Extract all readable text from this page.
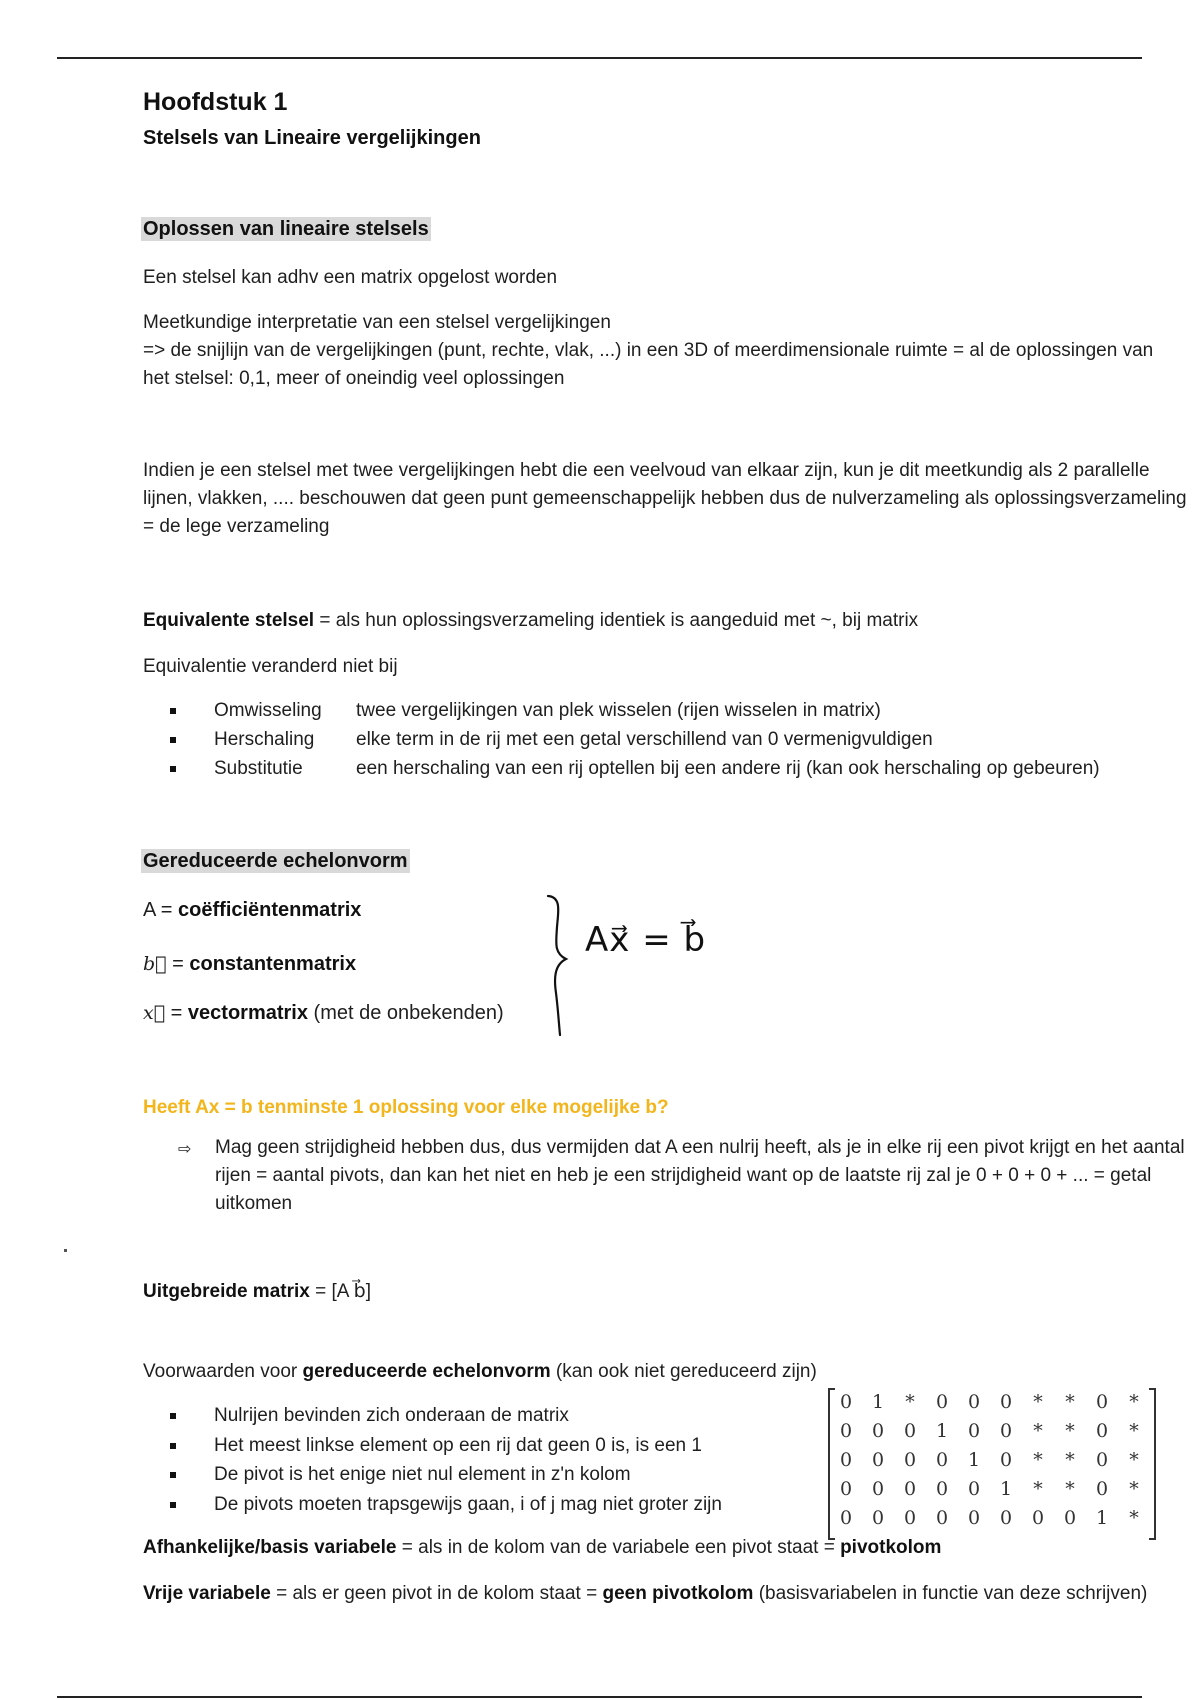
Hoofdstuk 1
Stelsels van Lineaire vergelijkingen
Oplossen van lineaire stelsels
Een stelsel kan adhv een matrix opgelost worden
Meetkundige interpretatie van een stelsel vergelijkingen
=> de snijlijn van de vergelijkingen (punt, rechte, vlak, ...) in een 3D of meerdimensionale ruimte = al de oplossingen van het stelsel: 0,1, meer of oneindig veel oplossingen
Indien je een stelsel met twee vergelijkingen hebt die een veelvoud van elkaar zijn, kun je dit meetkundig als 2 parallelle lijnen, vlakken, .... beschouwen dat geen punt gemeenschappelijk hebben dus de nulverzameling als oplossingsverzameling = de lege verzameling
Equivalente stelsel = als hun oplossingsverzameling identiek is aangeduid met ~, bij matrix
Equivalentie veranderd niet bij
Omwisseling twee vergelijkingen van plek wisselen (rijen wisselen in matrix)
Herschaling elke term in de rij met een getal verschillend van 0 vermenigvuldigen
Substitutie	een herschaling van een rij optellen bij een andere rij (kan ook herschaling op gebeuren)
Gereduceerde echelonvorm
A = coëfficiëntenmatrix
b⃗ = constantenmatrix
x⃗ = vectormatrix (met de onbekenden)
Ax⃗ = b⃗
Heeft Ax = b tenminste 1 oplossing voor elke mogelijke b?
⇨ Mag geen strijdigheid hebben dus, dus vermijden dat A een nulrij heeft, als je in elke rij een pivot krijgt en het aantal rijen = aantal pivots, dan kan het niet en heb je een strijdigheid want op de laatste rij zal je 0 + 0 + 0 + ... = getal uitkomen
Uitgebreide matrix = [A b⃗]
Voorwaarden voor gereduceerde echelonvorm (kan ook niet gereduceerd zijn)
Nulrijen bevinden zich onderaan de matrix
Het meest linkse element op een rij dat geen 0 is, is een 1
De pivot is het enige niet nul element in z'n kolom
De pivots moeten trapsgewijs gaan, i of j mag niet groter zijn
0	1	*	0	0	0	*	*	0	*
0	0	0	1	0	0	*	*	0	*
0	0	0	0	1	0	*	*	0	*
0	0	0	0	0	1	*	*	0	*
0	0	0	0	0	0	0	0	1	*
Afhankelijke/basis variabele = als in de kolom van de variabele een pivot staat = pivotkolom
Vrije variabele = als er geen pivot in de kolom staat = geen pivotkolom (basisvariabelen in functie van deze schrijven)
